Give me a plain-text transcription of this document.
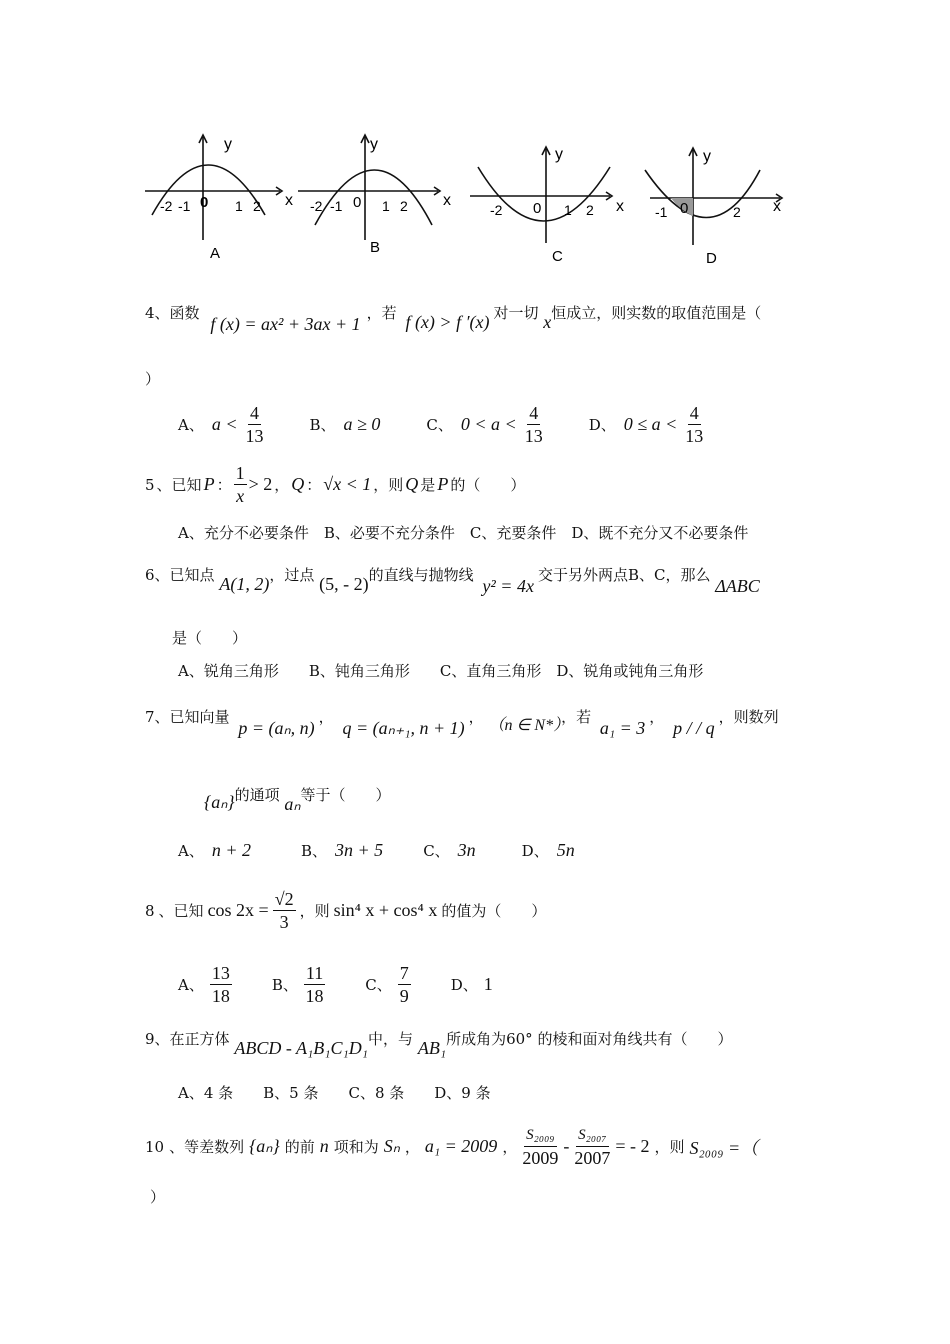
y
x
-2 -1 0 1 2
A
y
x
-2 -1 0 1 2
B
y
x
-2 0 1 2
C
y
x
-1 0	2
D
4、函数 f (x) = ax² + 3ax + 1，若 f (x) > f ′(x) 对一切 x恒成立，则实数的取值范围是（
）
A、 $a < \frac{4}{13}$	B、 a ≥ 0	C、 $0 < a < \frac{4}{13}$	D、 $0 \le a < \frac{4}{13}$
5 、已知 P ： $\frac{1}{x} > 2$ ， Q ： √x < 1 ，则 Q 是 P 的（　　）
A、充分不必要条件　B、必要不充分条件　C、充要条件　D、既不充分又不必要条件
6、已知点 A(1, 2)，过点 (5, - 2)的直线与抛物线 y² = 4x交于另外两点B、C，那么 ΔABC
是（　　）
A、锐角三角形　　B、钝角三角形　　C、直角三角形　D、锐角或钝角三角形
7、已知向量 p = (aₙ, n)， q = (aₙ₊₁, n + 1)， （n ∈ N*），若 a₁ = 3， p / / q，则数列
{aₙ}的通项 aₙ等于（　　）
A、 n + 2	B、 3n + 5	C、 3n	D、 5n
8 、已知 $\cos 2x = \frac{√2}{3}$ ，则 sin⁴ x + cos⁴ x 的值为（　　）
A、 $\frac{13}{18}$	B、 $\frac{11}{18}$	C、 $\frac{7}{9}$	D、 1
9、在正方体 ABCD - A₁B₁C₁D₁中，与 AB₁所成角为60° 的棱和面对角线共有（　　）
A、4 条　　B、5 条　　C、8 条　　D、9 条
10 、等差数列 {aₙ} 的前 n 项和为 Sₙ ， a₁ = 2009 ， $\frac{\text{S₂₀₀₉}}{2009} - \frac{\text{S₂₀₀₇}}{2007}$ = - 2 ，则 S₂₀₀₉ =（
）
